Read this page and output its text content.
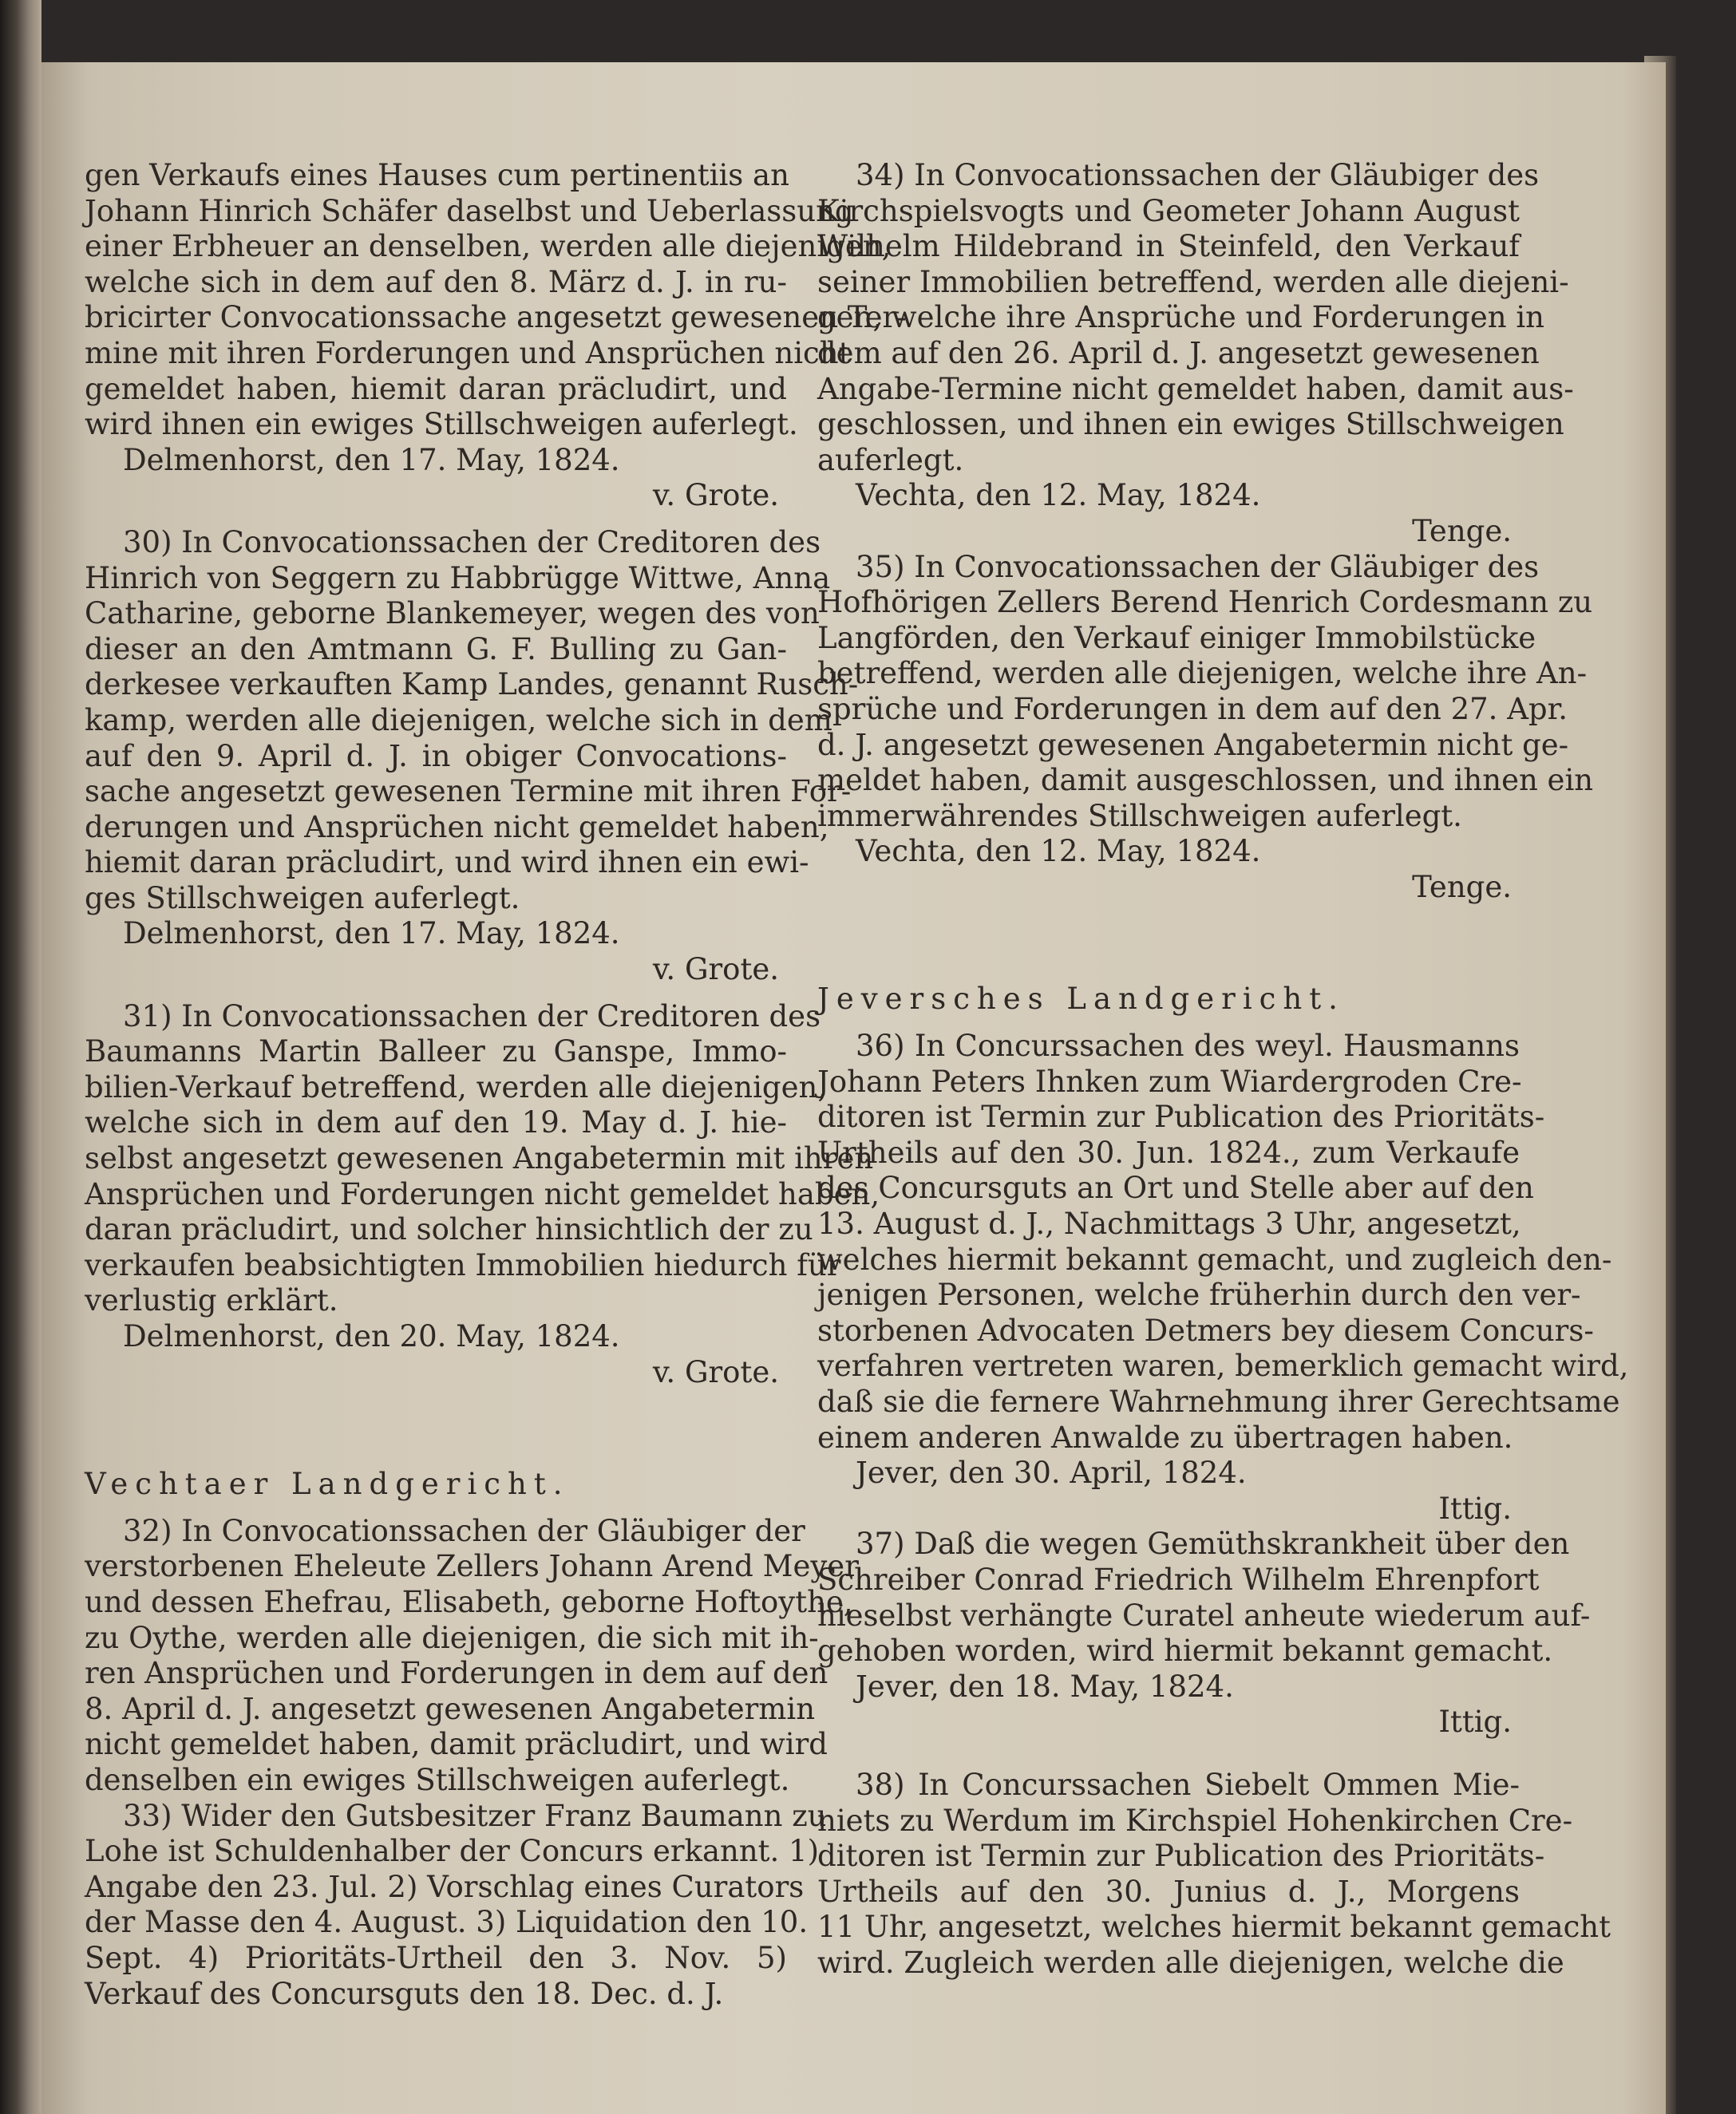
gen Verkaufs eines Hauses cum pertinentiis an
Johann Hinrich Schäfer daselbst und Ueberlassung
einer Erbheuer an denselben, werden alle diejenigen,
welche sich in dem auf den 8. März d. J. in ru-
bricirter Convocationssache angesetzt gewesenen Ter-
mine mit ihren Forderungen und Ansprüchen nicht
gemeldet haben, hiemit daran präcludirt, und
wird ihnen ein ewiges Stillschweigen auferlegt.
Delmenhorst, den 17. May, 1824.
v. Grote.
30) In Convocationssachen der Creditoren des
Hinrich von Seggern zu Habbrügge Wittwe, Anna
Catharine, geborne Blankemeyer, wegen des von
dieser an den Amtmann G. F. Bulling zu Gan-
derkesee verkauften Kamp Landes, genannt Rusch-
kamp, werden alle diejenigen, welche sich in dem
auf den 9. April d. J. in obiger Convocations-
sache angesetzt gewesenen Termine mit ihren For-
derungen und Ansprüchen nicht gemeldet haben,
hiemit daran präcludirt, und wird ihnen ein ewi-
ges Stillschweigen auferlegt.
Delmenhorst, den 17. May, 1824.
v. Grote.
31) In Convocationssachen der Creditoren des
Baumanns Martin Balleer zu Ganspe, Immo-
bilien-Verkauf betreffend, werden alle diejenigen,
welche sich in dem auf den 19. May d. J. hie-
selbst angesetzt gewesenen Angabetermin mit ihren
Ansprüchen und Forderungen nicht gemeldet haben,
daran präcludirt, und solcher hinsichtlich der zu
verkaufen beabsichtigten Immobilien hiedurch für
verlustig erklärt.
Delmenhorst, den 20. May, 1824.
v. Grote.
Vechtaer Landgericht.
32) In Convocationssachen der Gläubiger der
verstorbenen Eheleute Zellers Johann Arend Meyer
und dessen Ehefrau, Elisabeth, geborne Hoftoythe,
zu Oythe, werden alle diejenigen, die sich mit ih-
ren Ansprüchen und Forderungen in dem auf den
8. April d. J. angesetzt gewesenen Angabetermin
nicht gemeldet haben, damit präcludirt, und wird
denselben ein ewiges Stillschweigen auferlegt.
33) Wider den Gutsbesitzer Franz Baumann zu
Lohe ist Schuldenhalber der Concurs erkannt. 1)
Angabe den 23. Jul. 2) Vorschlag eines Curators
der Masse den 4. August. 3) Liquidation den 10.
Sept. 4) Prioritäts-Urtheil den 3. Nov. 5)
Verkauf des Concursguts den 18. Dec. d. J.
34) In Convocationssachen der Gläubiger des
Kirchspielsvogts und Geometer Johann August
Wilhelm Hildebrand in Steinfeld, den Verkauf
seiner Immobilien betreffend, werden alle diejeni-
gen, welche ihre Ansprüche und Forderungen in
dem auf den 26. April d. J. angesetzt gewesenen
Angabe-Termine nicht gemeldet haben, damit aus-
geschlossen, und ihnen ein ewiges Stillschweigen
auferlegt.
Vechta, den 12. May, 1824.
Tenge.
35) In Convocationssachen der Gläubiger des
Hofhörigen Zellers Berend Henrich Cordesmann zu
Langförden, den Verkauf einiger Immobilstücke
betreffend, werden alle diejenigen, welche ihre An-
sprüche und Forderungen in dem auf den 27. Apr.
d. J. angesetzt gewesenen Angabetermin nicht ge-
meldet haben, damit ausgeschlossen, und ihnen ein
immerwährendes Stillschweigen auferlegt.
Vechta, den 12. May, 1824.
Tenge.
Jeversches Landgericht.
36) In Concurssachen des weyl. Hausmanns
Johann Peters Ihnken zum Wiardergroden Cre-
ditoren ist Termin zur Publication des Prioritäts-
Urtheils auf den 30. Jun. 1824., zum Verkaufe
des Concursguts an Ort und Stelle aber auf den
13. August d. J., Nachmittags 3 Uhr, angesetzt,
welches hiermit bekannt gemacht, und zugleich den-
jenigen Personen, welche früherhin durch den ver-
storbenen Advocaten Detmers bey diesem Concurs-
verfahren vertreten waren, bemerklich gemacht wird,
daß sie die fernere Wahrnehmung ihrer Gerechtsame
einem anderen Anwalde zu übertragen haben.
Jever, den 30. April, 1824.
Ittig.
37) Daß die wegen Gemüthskrankheit über den
Schreiber Conrad Friedrich Wilhelm Ehrenpfort
hieselbst verhängte Curatel anheute wiederum auf-
gehoben worden, wird hiermit bekannt gemacht.
Jever, den 18. May, 1824.
Ittig.
38) In Concurssachen Siebelt Ommen Mie-
niets zu Werdum im Kirchspiel Hohenkirchen Cre-
ditoren ist Termin zur Publication des Prioritäts-
Urtheils auf den 30. Junius d. J., Morgens
11 Uhr, angesetzt, welches hiermit bekannt gemacht
wird. Zugleich werden alle diejenigen, welche die
